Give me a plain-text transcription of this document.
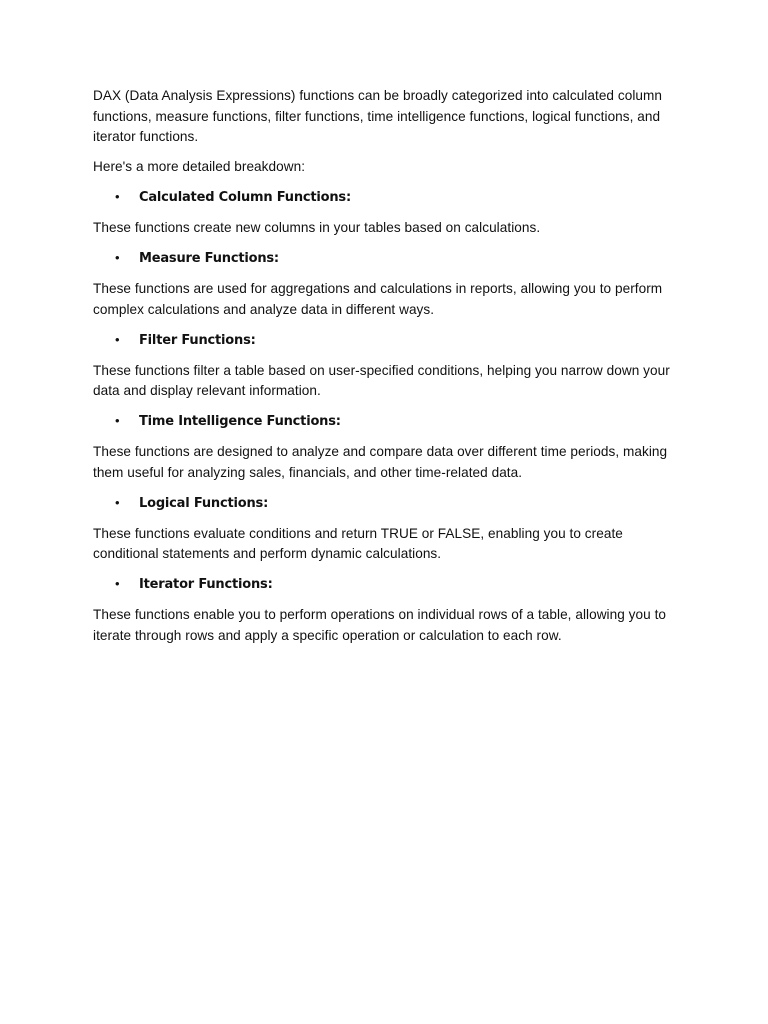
DAX (Data Analysis Expressions) functions can be broadly categorized into calculated column functions, measure functions, filter functions, time intelligence functions, logical functions, and iterator functions.

Here's a more detailed breakdown:

•	Calculated Column Functions:

These functions create new columns in your tables based on calculations.

•	Measure Functions:

These functions are used for aggregations and calculations in reports, allowing you to perform complex calculations and analyze data in different ways.

•	Filter Functions:

These functions filter a table based on user-specified conditions, helping you narrow down your data and display relevant information.

•	Time Intelligence Functions:

These functions are designed to analyze and compare data over different time periods, making them useful for analyzing sales, financials, and other time-related data.

•	Logical Functions:

These functions evaluate conditions and return TRUE or FALSE, enabling you to create conditional statements and perform dynamic calculations.

•	Iterator Functions:

These functions enable you to perform operations on individual rows of a table, allowing you to iterate through rows and apply a specific operation or calculation to each row.
